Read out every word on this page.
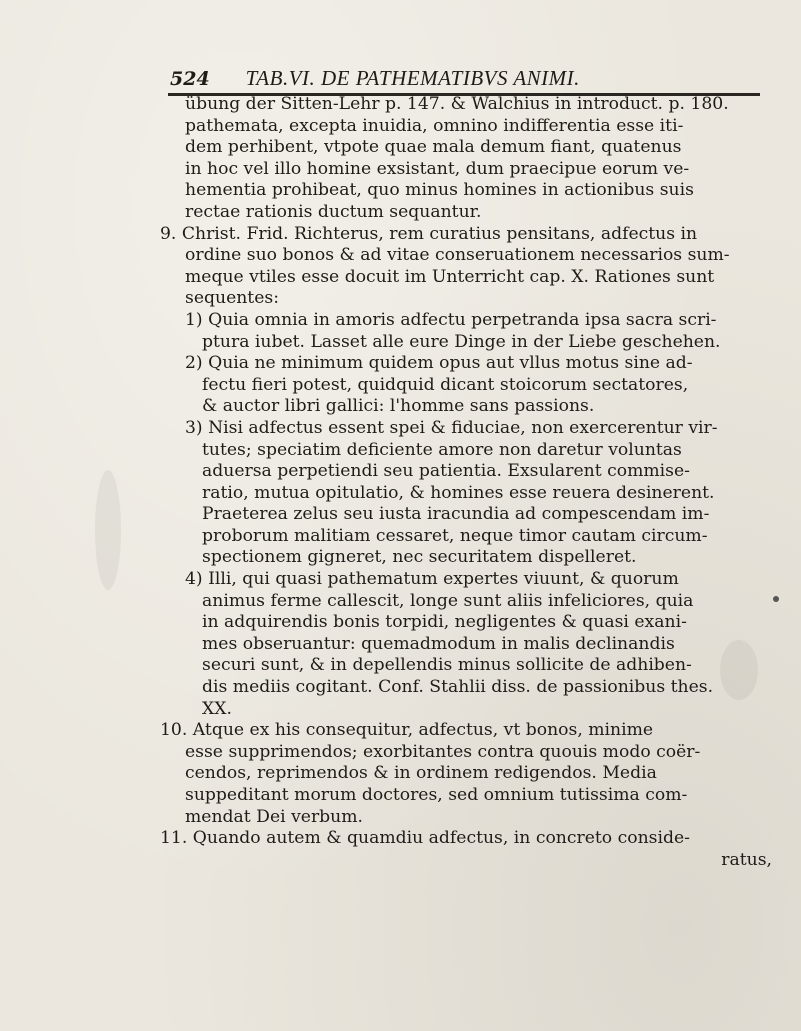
524 TAB.VI. DE PATHEMATIBVS ANIMI.
übung der Sitten-Lehr p. 147. & Walchius in introduct. p. 180.
pathemata, excepta inuidia, omnino indifferentia esse iti-
dem perhibent, vtpote quae mala demum fiant, quatenus
in hoc vel illo homine exsistant, dum praecipue eorum ve-
hementia prohibeat, quo minus homines in actionibus suis
rectae rationis ductum sequantur.
9. Christ. Frid. Richterus, rem curatius pensitans, adfectus in
ordine suo bonos & ad vitae conseruationem necessarios sum-
meque vtiles esse docuit im Unterricht cap. X. Rationes sunt
sequentes:
1) Quia omnia in amoris adfectu perpetranda ipsa sacra scri-
ptura iubet. Lasset alle eure Dinge in der Liebe geschehen.
2) Quia ne minimum quidem opus aut vllus motus sine ad-
fectu fieri potest, quidquid dicant stoicorum sectatores,
& auctor libri gallici: l'homme sans passions.
3) Nisi adfectus essent spei & fiduciae, non exercerentur vir-
tutes; speciatim deficiente amore non daretur voluntas
aduersa perpetiendi seu patientia. Exsularent commise-
ratio, mutua opitulatio, & homines esse reuera desinerent.
Praeterea zelus seu iusta iracundia ad compescendam im-
proborum malitiam cessaret, neque timor cautam circum-
spectionem gigneret, nec securitatem dispelleret.
4) Illi, qui quasi pathematum expertes viuunt, & quorum
animus ferme callescit, longe sunt aliis infeliciores, quia
in adquirendis bonis torpidi, negligentes & quasi exani-
mes obseruantur: quemadmodum in malis declinandis
securi sunt, & in depellendis minus sollicite de adhiben-
dis mediis cogitant. Conf. Stahlii diss. de passionibus thes.
XX.
10. Atque ex his consequitur, adfectus, vt bonos, minime
esse supprimendos; exorbitantes contra quouis modo coër-
cendos, reprimendos & in ordinem redigendos. Media
suppeditant morum doctores, sed omnium tutissima com-
mendat Dei verbum.
11. Quando autem & quamdiu adfectus, in concreto conside-
ratus,
